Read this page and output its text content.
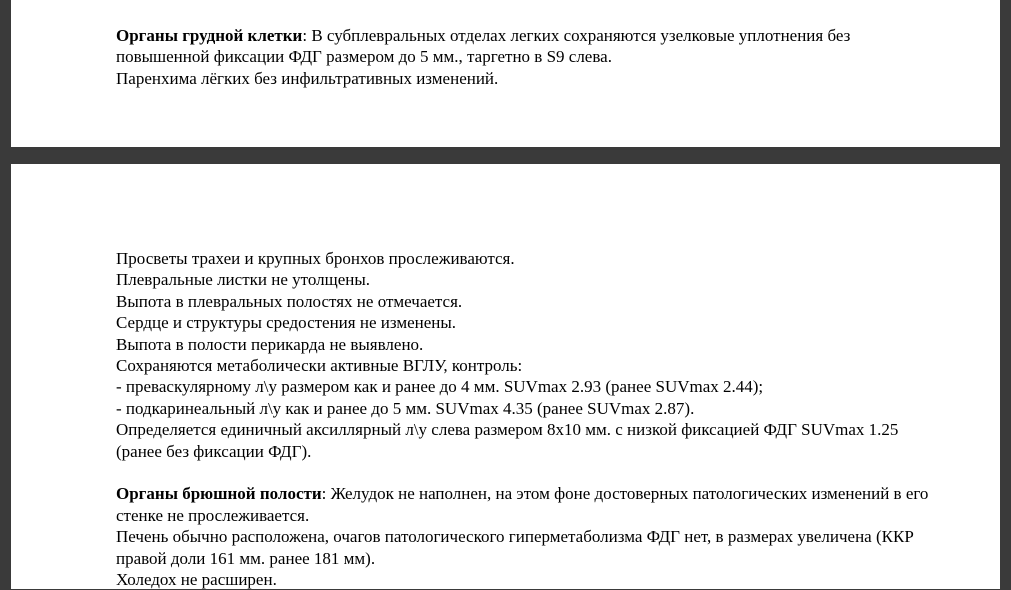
Органы грудной клетки: В субплевральных отделах легких сохраняются узелковые уплотнения без повышенной фиксации ФДГ размером до 5 мм., таргетно в S9 слева.
Паренхима лёгких без инфильтративных изменений.
Просветы трахеи и крупных бронхов прослеживаются.
Плевральные листки не утолщены.
Выпота в плевральных полостях не отмечается.
Сердце и структуры средостения не изменены.
Выпота в полости перикарда не выявлено.
Сохраняются метаболически активные ВГЛУ, контроль:
- преваскулярному л\у размером как и ранее до 4 мм. SUVmax 2.93 (ранее SUVmax 2.44);
- подкаринеальный л\у как и ранее до 5 мм. SUVmax 4.35 (ранее SUVmax 2.87).
Определяется единичный аксиллярный л\у слева размером 8х10 мм. с низкой фиксацией ФДГ SUVmax 1.25 (ранее без фиксации ФДГ).
Органы брюшной полости: Желудок не наполнен, на этом фоне достоверных патологических изменений в его стенке не прослеживается.
Печень обычно расположена, очагов патологического гиперметаболизма ФДГ нет, в размерах увеличена (ККР правой доли 161 мм. ранее 181 мм).
Холедох не расширен.
